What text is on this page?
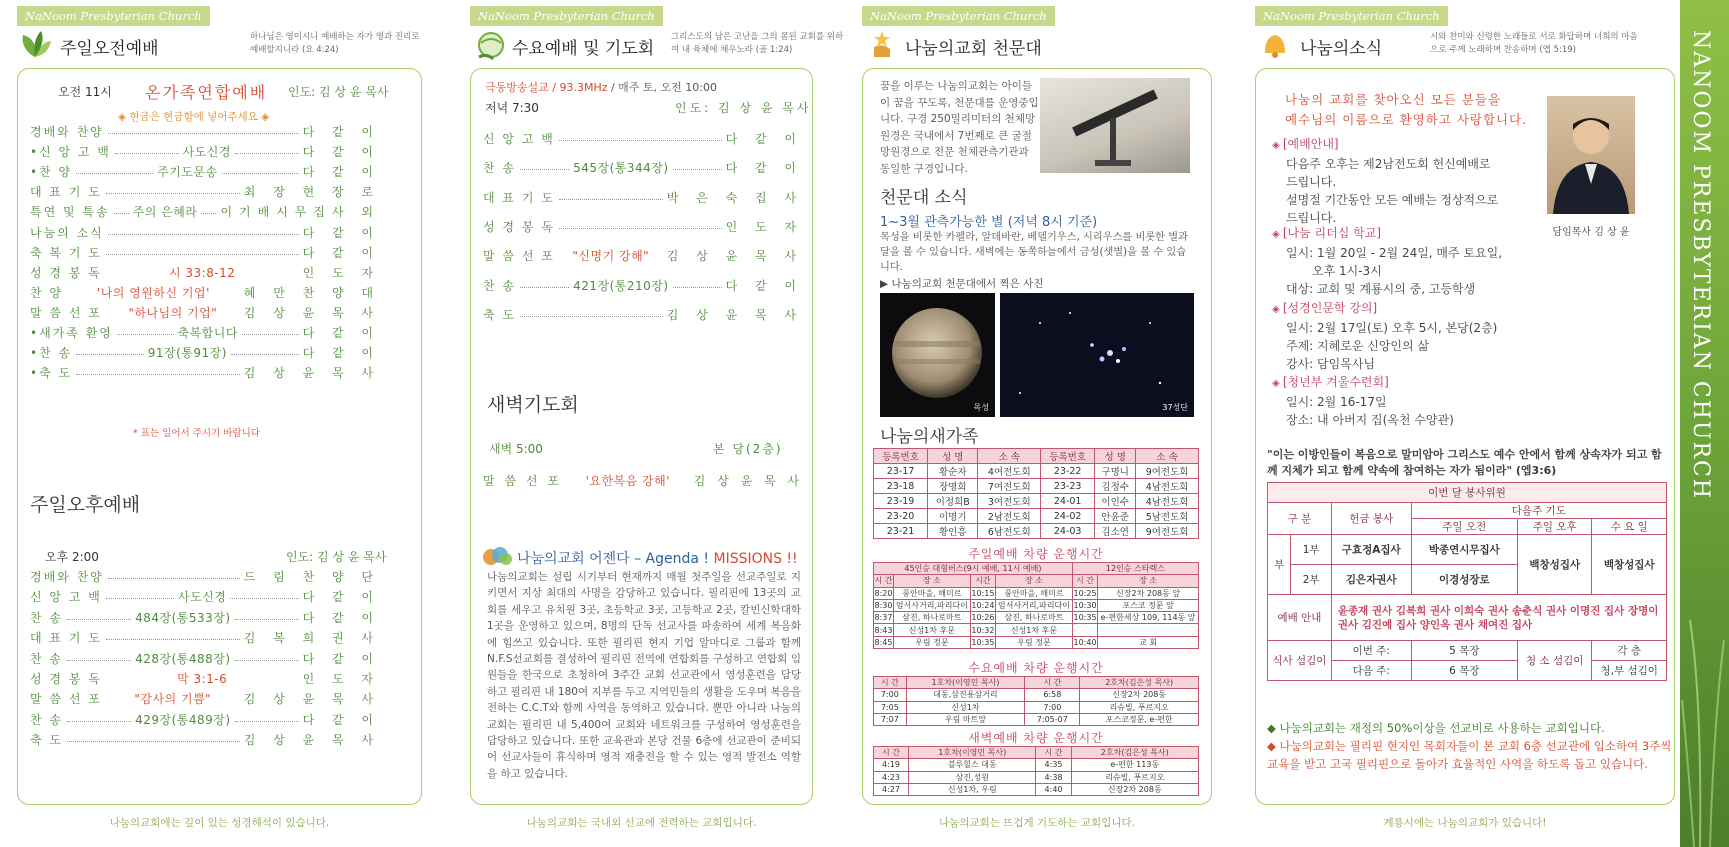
NaNoom Presbyterian Church
주일오전예배
하나님은 영이시니 예배하는 자가 영과 진리로 예배할지니라 (요 4:24)
오전 11시 온가족연합예배 인도: 김 상 윤 목사
◈ 현금은 현금함에 넣어주세요 ◈
경배와 찬양	다 같 이
•신 앙 고 백	사도신경	다 같 이
•찬 양	주기도문송	다 같 이
대 표 기 도	최 장 현 장 로
특연 및 특송 주의 은혜라 이기배시무집사 외
나눔의 소식	다 같 이
축 복 기 도	다 같 이
성 경 봉 독	시 33:8-12	인 도 자
찬 양	'나의 영원하신 기업'	혜 만 찬 양 대
말 씀 선 포 "하나님의 기업" 김 상 윤 목 사
•새가족 환영	축복합니다	다 같 이
•찬 송	91장(통91장)	다 같 이
•축 도	김 상 윤 목 사
* 표는 일어서 주시기 바랍니다
주일오후예배
오후 2:00	인도: 김 상 윤 목사
경배와 찬양	드 림 찬 양 단
신 앙 고 백	사도신경	다 같 이
찬 송	484장(통533장)	다 같 이
대 표 기 도	김 복 희 권 사
찬 송	428장(통488장)	다 같 이
성 경 봉 독	막 3:1-6	인 도 자
말 씀 선 포	"감사의 기쁨"	김 상 윤 목 사
찬 송	429장(통489장)	다 같 이
축 도	김 상 윤 목 사
나눔의교회에는 깊이 있는 성경해석이 있습니다.
NaNoom Presbyterian Church
수요예배 및 기도회
그리스도의 남은 고난을 그의 몸된 교회를 위하여 내 육체에 채우노라 (골 1:24)
극동방송설교 / 93.3MHz / 매주 토, 오전 10:00
저녁 7:30	인도: 김 상 윤 목사
신 앙 고 백	다 같 이
찬 송	545장(통344장)	다 같 이
대 표 기 도	박 은 숙 집 사
성 경 봉 독	인 도 자
말 씀 선 포 "신명기 강해" 김 상 윤 목 사
찬 송	421장(통210장)	다 같 이
축 도	김 상 윤 목 사
새벽기도회
새벽 5:00	본 당(2층)
말 씀 선 포 '요한복음 강해' 김 상 윤 목 사
나눔의교회 어젠다 – Agenda ! MISSIONS !!
나눔의교회는 설립 시기부터 현재까지 매월 첫주일을 선교주일로 지키면서 지상 최대의 사명을 감당하고 있습니다. 필리핀에 13곳의 교회를 세우고 유치원 3곳, 초등학교 3곳, 고등학교 2곳, 칼빈신학대학 1곳을 운영하고 있으며, 8명의 단독 선교사를 파송하여 세계 복음화에 힘쓰고 있습니다. 또한 필리핀 현지 기업 알마디로 그룹과 함께 N.F.S선교회를 결성하여 필리핀 전역에 연합회를 구성하고 연합회 임원들을 한국으로 초청하여 3주간 교회 선교관에서 영성훈련을 담당하고 필리핀 내 180여 지부를 두고 지역민들의 생활을 도우며 복음을 전하는 C.C.T와 함께 사역을 동역하고 있습니다. 뿐만 아니라 나눔의 교회는 필리핀 내 5,400여 교회와 네트워크를 구성하여 영성훈련을 담당하고 있습니다. 또한 교육관과 본당 건물 6층에 선교관이 준비되어 선교사들이 휴식하며 영적 재충전을 할 수 있는 영적 발전소 역할을 하고 있습니다.
나눔의교회는 국내외 선교에 전력하는 교회입니다.
NaNoom Presbyterian Church
나눔의교회 천문대
꿈을 이루는 나눔의교회는 아이들이 꿈을 꾸도록, 천문대를 운영중입니다. 구경 250밀리미터의 천체망원경은 국내에서 7번째로 큰 굴절망원경으로 전문 천체관측기관과 동일한 구경입니다.
천문대 소식
1~3월 관측가능한 별 (저녁 8시 기준)
목성을 비롯한 카펠라, 알데바란, 베델기우스, 시리우스를 비롯한 별과 달을 볼 수 있습니다. 새벽에는 동쪽하늘에서 금성(샛별)을 볼 수 있습니다.
▶ 나눔의교회 천문대에서 찍은 사진
목성	37성단
나눔의새가족
등록번호	성 명	소 속	등록번호	성 명	소 속
23-17	황순자	4여전도회	23-22	구명니	9여전도회
23-18	장명희	7여전도회	23-23	김정수	4남전도회
23-19	이정희B	3여전도회	24-01	이인수	4남전도회
23-20	이명기	2남전도회	24-02	안윤준	5남전도회
23-21	황인흥	6남전도회	24-03	김소연	9여전도회
주일예배 차량 운행시간
45인승 대형버스(9시 예배, 11시 예배)				12인승 스타렉스	
시 간	장 소	시간	장 소	시 간	장 소
8:20	풍안마을, 해미르	10:15	풍안마을, 해미르	10:25	신장2차 208동 앞
8:30	엄서사거리,파리다이	10:24	엄서사거리,파리다이	10:30	포스코 정문 앞
8:37	삼진, 하나로마트	10:26	삼진, 하나로마트	10:35	e-편한세상 109, 114동 앞
8:43	신성1차 후문	10:32	신성1차 후문		
8:45	우림 정문	10:35	우림 정문	10:40	교 회
수요예배 차량 운행시간
시 간	1호차(이영민 목사)	시 간	2호차(김은성 목사)
7:00	대동,삼진용삼거리	6:58	신장2차 208동
7:05	신성1차	7:00	리슈빌, 푸르지오
7:07	우림 마트앞	7:05-07	포스코정문, e-편한
새벽예배 차량 운행시간
시 간	1호차(이영민 목사)	시 간	2호차(김은성 목사)
4:19	블루힐스 대동	4:35	e-편한 113동
4:23	삼진,성원	4:38	리슈빌, 푸르지오
4:27	신성1차, 우림	4:40	신장2차 208동
나눔의교회는 뜨겁게 기도하는 교회입니다.
NaNoom Presbyterian Church
나눔의소식
시와 찬미와 신령한 노래들로 서로 화답하며 너희의 마음으로 주께 노래하며 찬송하며 (엡 5:19)
나눔의 교회를 찾아오신 모든 분들을
예수님의 이름으로 환영하고 사랑합니다.
담임목사 김 상 윤
◈ [예배안내]
다음주 오후는 제2남전도회 헌신예배로
드립니다.
설명절 기간동안 모든 예배는 정상적으로
드립니다.
◈ [나눔 리더십 학교]
일시: 1월 20일 - 2월 24일, 매주 토요일,
오후 1시-3시
대상: 교회 및 계룡시의 중, 고등학생
◈ [성경인문학 강의]
일시: 2월 17일(토) 오후 5시, 본당(2층)
주제: 지혜로운 신앙인의 삶
강사: 담임목사님
◈ [청년부 겨울수련회]
일시: 2월 16-17일
장소: 내 아버지 집(옥천 수양관)
"이는 이방인들이 복음으로 말미암아 그리스도 예수 안에서 함께 상속자가 되고 함께 지체가 되고 함께 약속에 참여하는 자가 됨이라" (엡3:6)
이번 달 봉사위원					
구 분		헌금 봉사	다음주 기도		
			주일 오전	주일 오후	수 요 일
부	1부	구효정A집사	박종연시무집사	백창성집사	백창성집사
	2부	김은자권사	이경성장로		
예배 안내		윤종재 권사 김복희 권사 이희숙 권사 송춘식 권사 이명진 집사 장명이 권사 김진예 집사 양인옥 권사 채여진 집사			
식사 섬김이		이번 주:	5 목장	청 소 섬김이	각 층
		다음 주:	6 목장		청,부 섬김이
◆ 나눔의교회는 재정의 50%이상을 선교비로 사용하는 교회입니다.
◆ 나눔의교회는 필리핀 현지인 목회자들이 본 교회 6층 선교관에 입소하여 3주씩 교육을 받고 고국 필리핀으로 돌아가 효율적인 사역을 하도록 돕고 있습니다.
계룡시에는 나눔의교회가 있습니다!
NANOOM PRESBYTERIAN CHURCH
